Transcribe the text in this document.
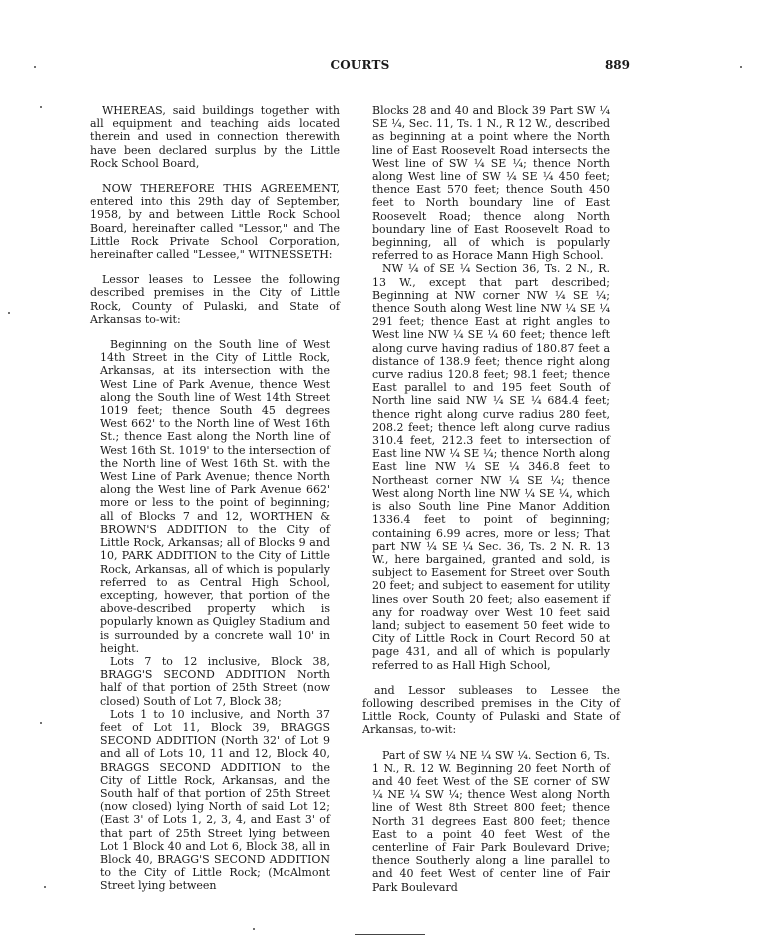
COURTS	889

WHEREAS, said buildings together with all equipment and teaching aids located therein and used in connection therewith have been declared surplus by the Little Rock School Board,

NOW THEREFORE THIS AGREEMENT, entered into this 29th day of September, 1958, by and between Little Rock School Board, hereinafter called "Lessor," and The Little Rock Private School Corporation, hereinafter called "Lessee," WITNESSETH:

Lessor leases to Lessee the following described premises in the City of Little Rock, County of Pulaski, and State of Arkansas to-wit:

Beginning on the South line of West 14th Street in the City of Little Rock, Arkansas, at its intersection with the West Line of Park Avenue, thence West along the South line of West 14th Street 1019 feet; thence South 45 degrees West 662' to the North line of West 16th St.; thence East along the North line of West 16th St. 1019' to the intersection of the North line of West 16th St. with the West Line of Park Avenue; thence North along the West line of Park Avenue 662' more or less to the point of beginning; all of Blocks 7 and 12, WORTHEN & BROWN'S ADDITION to the City of Little Rock, Arkansas; all of Blocks 9 and 10, PARK ADDITION to the City of Little Rock, Arkansas, all of which is popularly referred to as Central High School, excepting, however, that portion of the above-described property which is popularly known as Quigley Stadium and is surrounded by a concrete wall 10' in height.

Lots 7 to 12 inclusive, Block 38, BRAGG'S SECOND ADDITION North half of that portion of 25th Street (now closed) South of Lot 7, Block 38;

Lots 1 to 10 inclusive, and North 37 feet of Lot 11, Block 39, BRAGGS SECOND ADDITION (North 32' of Lot 9 and all of Lots 10, 11 and 12, Block 40, BRAGGS SECOND ADDITION to the City of Little Rock, Arkansas, and the South half of that portion of 25th Street (now closed) lying North of said Lot 12; (East 3' of Lots 1, 2, 3, 4, and East 3' of that part of 25th Street lying between Lot 1 Block 40 and Lot 6, Block 38, all in Block 40, BRAGG'S SECOND ADDITION to the City of Little Rock; (McAlmont Street lying between

Blocks 28 and 40 and Block 39 Part SW ¼ SE ¼, Sec. 11, Ts. 1 N., R 12 W., described as beginning at a point where the North line of East Roosevelt Road intersects the West line of SW ¼ SE ¼; thence North along West line of SW ¼ SE ¼ 450 feet; thence East 570 feet; thence South 450 feet to North boundary line of East Roosevelt Road; thence along North boundary line of East Roosevelt Road to beginning, all of which is popularly referred to as Horace Mann High School.

NW ¼ of SE ¼ Section 36, Ts. 2 N., R. 13 W., except that part described; Beginning at NW corner NW ¼ SE ¼; thence South along West line NW ¼ SE ¼ 291 feet; thence East at right angles to West line NW ¼ SE ¼ 60 feet; thence left along curve having radius of 180.87 feet a distance of 138.9 feet; thence right along curve radius 120.8 feet; 98.1 feet; thence East parallel to and 195 feet South of North line said NW ¼ SE ¼ 684.4 feet; thence right along curve radius 280 feet, 208.2 feet; thence left along curve radius 310.4 feet, 212.3 feet to intersection of East line NW ¼ SE ¼; thence North along East line NW ¼ SE ¼ 346.8 feet to Northeast corner NW ¼ SE ¼; thence West along North line NW ¼ SE ¼, which is also South line Pine Manor Addition 1336.4 feet to point of beginning; containing 6.99 acres, more or less; That part NW ¼ SE ¼ Sec. 36, Ts. 2 N. R. 13 W., here bargained, granted and sold, is subject to Easement for Street over South 20 feet; and subject to easement for utility lines over South 20 feet; also easement if any for roadway over West 10 feet said land; subject to easement 50 feet wide to City of Little Rock in Court Record 50 at page 431, and all of which is popularly referred to as Hall High School,

and Lessor subleases to Lessee the following described premises in the City of Little Rock, County of Pulaski and State of Arkansas, to-wit:

Part of SW ¼ NE ¼ SW ¼. Section 6, Ts. 1 N., R. 12 W. Beginning 20 feet North of and 40 feet West of the SE corner of SW ¼ NE ¼ SW ¼; thence West along North line of West 8th Street 800 feet; thence North 31 degrees East 800 feet; thence East to a point 40 feet West of the centerline of Fair Park Boulevard Drive; thence Southerly along a line parallel to and 40 feet West of center line of Fair Park Boulevard
